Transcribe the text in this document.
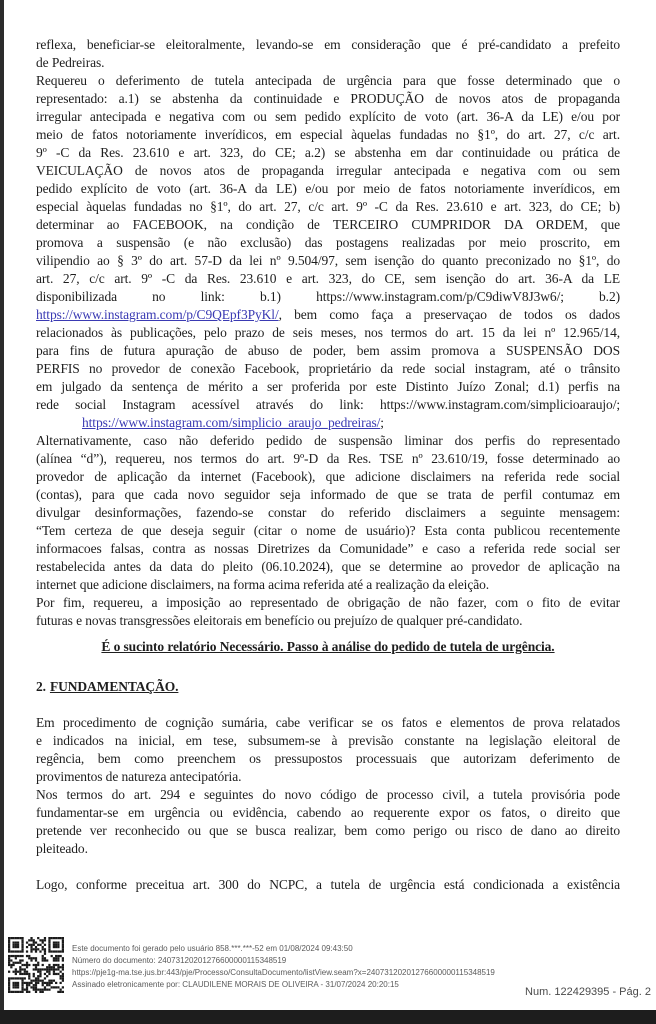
reflexa, beneficiar-se eleitoralmente, levando-se em consideração que é pré-candidato a prefeito
de Pedreiras.
Requereu o deferimento de tutela antecipada de urgência para que fosse determinado que o
representado: a.1) se abstenha da continuidade e PRODUÇÃO de novos atos de propaganda
irregular antecipada e negativa com ou sem pedido explícito de voto (art. 36-A da LE) e/ou por
meio de fatos notoriamente inverídicos, em especial àquelas fundadas no §1º, do art. 27, c/c art.
9º -C da Res. 23.610 e art. 323, do CE; a.2) se abstenha em dar continuidade ou prática de
VEICULAÇÃO de novos atos de propaganda irregular antecipada e negativa com ou sem
pedido explícito de voto (art. 36-A da LE) e/ou por meio de fatos notoriamente inverídicos, em
especial àquelas fundadas no §1º, do art. 27, c/c art. 9º -C da Res. 23.610 e art. 323, do CE; b)
determinar ao FACEBOOK, na condição de TERCEIRO CUMPRIDOR DA ORDEM, que
promova a suspensão (e não exclusão) das postagens realizadas por meio proscrito, em
vilipendio ao § 3º do art. 57-D da lei nº 9.504/97, sem isenção do quanto preconizado no §1º, do
art. 27, c/c art. 9º -C da Res. 23.610 e art. 323, do CE, sem isenção do art. 36-A da LE
disponibilizada no link: b.1) https://www.instagram.com/p/C9diwV8J3w6/; b.2)
https://www.instagram.com/p/C9QEpf3PyKl/, bem como faça a preservaçao de todos os dados
relacionados às publicações, pelo prazo de seis meses, nos termos do art. 15 da lei nº 12.965/14,
para fins de futura apuração de abuso de poder, bem assim promova a SUSPENSÃO DOS
PERFIS no provedor de conexão Facebook, proprietário da rede social instagram, até o trânsito
em julgado da sentença de mérito a ser proferida por este Distinto Juízo Zonal; d.1) perfis na
rede social Instagram acessível através do link: https://www.instagram.com/simplicioaraujo/;
https://www.instagram.com/simplicio_araujo_pedreiras/;
Alternativamente, caso não deferido pedido de suspensão liminar dos perfis do representado
(alínea “d”), requereu, nos termos do art. 9º-D da Res. TSE nº 23.610/19, fosse determinado ao
provedor de aplicação da internet (Facebook), que adicione disclaimers na referida rede social
(contas), para que cada novo seguidor seja informado de que se trata de perfil contumaz em
divulgar desinformações, fazendo-se constar do referido disclaimers a seguinte mensagem:
“Tem certeza de que deseja seguir (citar o nome de usuário)? Esta conta publicou recentemente
informacoes falsas, contra as nossas Diretrizes da Comunidade” e caso a referida rede social ser
restabelecida antes da data do pleito (06.10.2024), que se determine ao provedor de aplicação na
internet que adicione disclaimers, na forma acima referida até a realização da eleição.
Por fim, requereu, a imposição ao representado de obrigação de não fazer, com o fito de evitar
futuras e novas transgressões eleitorais em benefício ou prejuízo de qualquer pré-candidato.
É o sucinto relatório Necessário. Passo à análise do pedido de tutela de urgência.
2. FUNDAMENTAÇÃO.
Em procedimento de cognição sumária, cabe verificar se os fatos e elementos de prova relatados
e indicados na inicial, em tese, subsumem-se à previsão constante na legislação eleitoral de
regência, bem como preenchem os pressupostos processuais que autorizam deferimento de
provimentos de natureza antecipatória.
Nos termos do art. 294 e seguintes do novo código de processo civil, a tutela provisória pode
fundamentar-se em urgência ou evidência, cabendo ao requerente expor os fatos, o direito que
pretende ver reconhecido ou que se busca realizar, bem como perigo ou risco de dano ao direito
pleiteado.
Logo, conforme preceitua art. 300 do NCPC, a tutela de urgência está condicionada a existência
Este documento foi gerado pelo usuário 858.***.***-52 em 01/08/2024 09:43:50
Número do documento: 24073120201276600000115348519
https://pje1g-ma.tse.jus.br:443/pje/Processo/ConsultaDocumento/listView.seam?x=24073120201276600000115348519
Assinado eletronicamente por: CLAUDILENE MORAIS DE OLIVEIRA - 31/07/2024 20:20:15
Num. 122429395 - Pág. 2
